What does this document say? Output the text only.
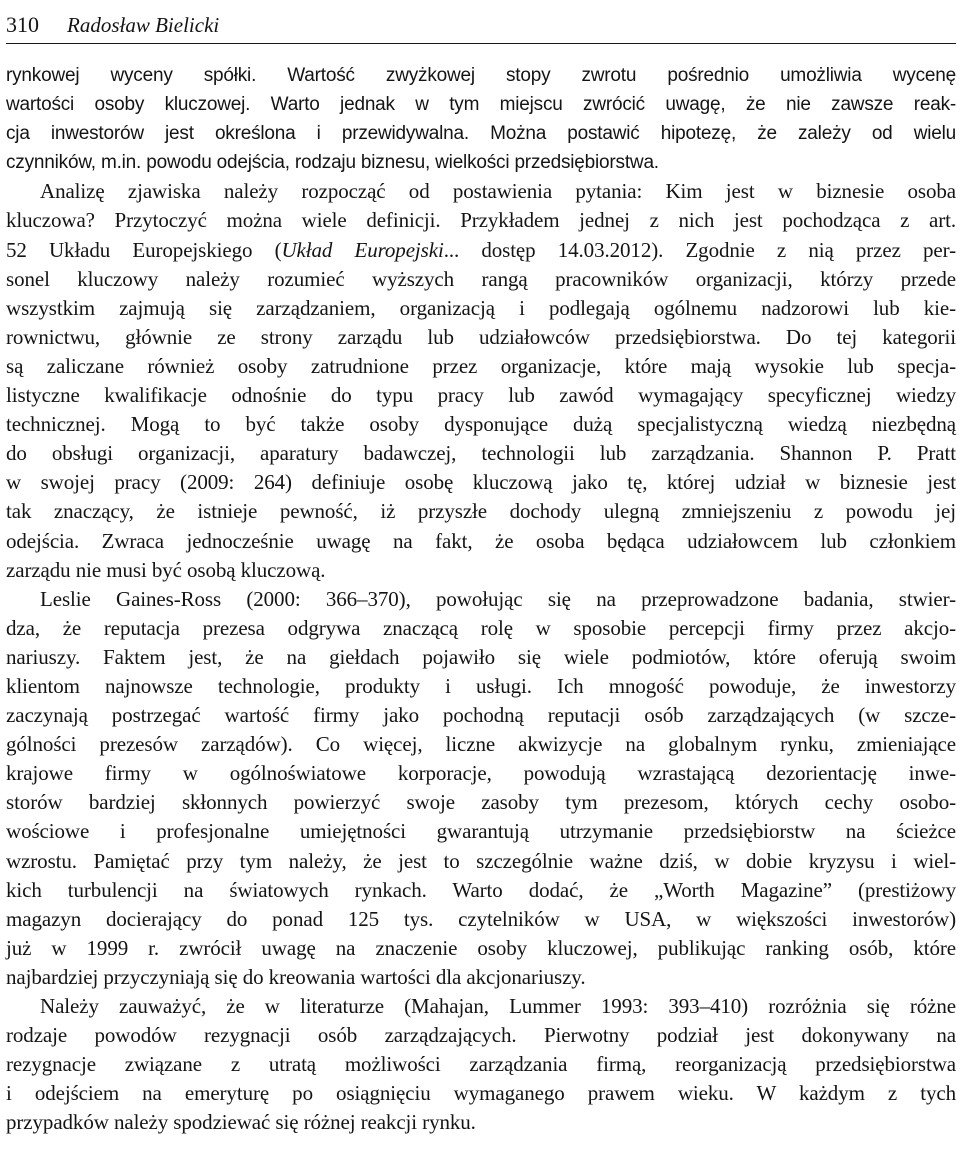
310 Radosław Bielicki
rynkowej wyceny spółki. Wartość zwyżkowej stopy zwrotu pośrednio umożliwia wycenę
wartości osoby kluczowej. Warto jednak w tym miejscu zwrócić uwagę, że nie zawsze reak-
cja inwestorów jest określona i przewidywalna. Można postawić hipotezę, że zależy od wielu
czynników, m.in. powodu odejścia, rodzaju biznesu, wielkości przedsiębiorstwa.
Analizę zjawiska należy rozpocząć od postawienia pytania: Kim jest w biznesie osoba
kluczowa? Przytoczyć można wiele definicji. Przykładem jednej z nich jest pochodząca z art.
52 Układu Europejskiego (Układ Europejski... dostęp 14.03.2012). Zgodnie z nią przez per-
sonel kluczowy należy rozumieć wyższych rangą pracowników organizacji, którzy przede
wszystkim zajmują się zarządzaniem, organizacją i podlegają ogólnemu nadzorowi lub kie-
rownictwu, głównie ze strony zarządu lub udziałowców przedsiębiorstwa. Do tej kategorii
są zaliczane również osoby zatrudnione przez organizacje, które mają wysokie lub specja-
listyczne kwalifikacje odnośnie do typu pracy lub zawód wymagający specyficznej wiedzy
technicznej. Mogą to być także osoby dysponujące dużą specjalistyczną wiedzą niezbędną
do obsługi organizacji, aparatury badawczej, technologii lub zarządzania. Shannon P. Pratt
w swojej pracy (2009: 264) definiuje osobę kluczową jako tę, której udział w biznesie jest
tak znaczący, że istnieje pewność, iż przyszłe dochody ulegną zmniejszeniu z powodu jej
odejścia. Zwraca jednocześnie uwagę na fakt, że osoba będąca udziałowcem lub członkiem
zarządu nie musi być osobą kluczową.
Leslie Gaines-Ross (2000: 366–370), powołując się na przeprowadzone badania, stwier-
dza, że reputacja prezesa odgrywa znaczącą rolę w sposobie percepcji firmy przez akcjo-
nariuszy. Faktem jest, że na giełdach pojawiło się wiele podmiotów, które oferują swoim
klientom najnowsze technologie, produkty i usługi. Ich mnogość powoduje, że inwestorzy
zaczynają postrzegać wartość firmy jako pochodną reputacji osób zarządzających (w szcze-
gólności prezesów zarządów). Co więcej, liczne akwizycje na globalnym rynku, zmieniające
krajowe firmy w ogólnoświatowe korporacje, powodują wzrastającą dezorientację inwe-
storów bardziej skłonnych powierzyć swoje zasoby tym prezesom, których cechy osobo-
wościowe i profesjonalne umiejętności gwarantują utrzymanie przedsiębiorstw na ścieżce
wzrostu. Pamiętać przy tym należy, że jest to szczególnie ważne dziś, w dobie kryzysu i wiel-
kich turbulencji na światowych rynkach. Warto dodać, że „Worth Magazine” (prestiżowy
magazyn docierający do ponad 125 tys. czytelników w USA, w większości inwestorów)
już w 1999 r. zwrócił uwagę na znaczenie osoby kluczowej, publikując ranking osób, które
najbardziej przyczyniają się do kreowania wartości dla akcjonariuszy.
Należy zauważyć, że w literaturze (Mahajan, Lummer 1993: 393–410) rozróżnia się różne
rodzaje powodów rezygnacji osób zarządzających. Pierwotny podział jest dokonywany na
rezygnacje związane z utratą możliwości zarządzania firmą, reorganizacją przedsiębiorstwa
i odejściem na emeryturę po osiągnięciu wymaganego prawem wieku. W każdym z tych
przypadków należy spodziewać się różnej reakcji rynku.
